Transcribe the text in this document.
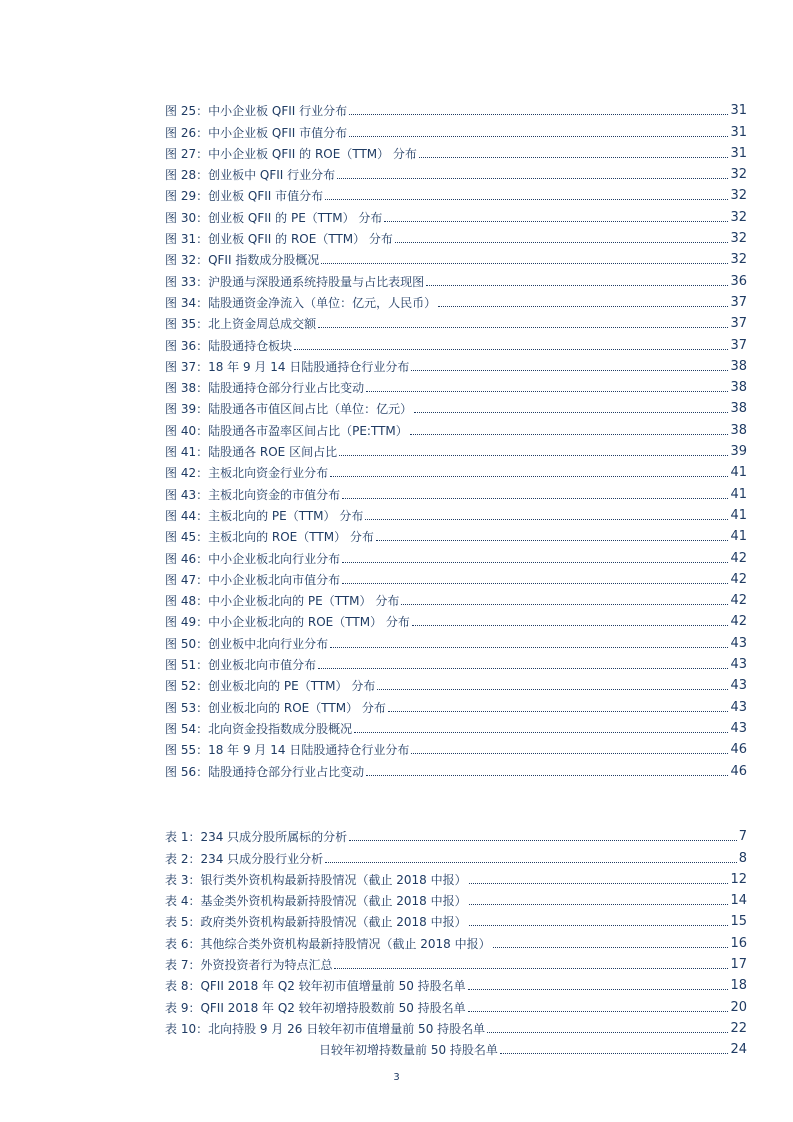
图 25：中小企业板 QFII 行业分布	31
图 26：中小企业板 QFII 市值分布	31
图 27：中小企业板 QFII 的 ROE（TTM） 分布	31
图 28：创业板中 QFII 行业分布	32
图 29：创业板 QFII 市值分布	32
图 30：创业板 QFII 的 PE（TTM） 分布	32
图 31：创业板 QFII 的 ROE（TTM） 分布	32
图 32：QFII 指数成分股概况	32
图 33：沪股通与深股通系统持股量与占比表现图	36
图 34：陆股通资金净流入（单位：亿元，人民币）	37
图 35：北上资金周总成交额	37
图 36：陆股通持仓板块	37
图 37：18 年 9 月 14 日陆股通持仓行业分布	38
图 38：陆股通持仓部分行业占比变动	38
图 39：陆股通各市值区间占比（单位：亿元）	38
图 40：陆股通各市盈率区间占比（PE:TTM）	38
图 41：陆股通各 ROE 区间占比	39
图 42：主板北向资金行业分布	41
图 43：主板北向资金的市值分布	41
图 44：主板北向的 PE（TTM） 分布	41
图 45：主板北向的 ROE（TTM） 分布	41
图 46：中小企业板北向行业分布	42
图 47：中小企业板北向市值分布	42
图 48：中小企业板北向的 PE（TTM） 分布	42
图 49：中小企业板北向的 ROE（TTM） 分布	42
图 50：创业板中北向行业分布	43
图 51：创业板北向市值分布	43
图 52：创业板北向的 PE（TTM） 分布	43
图 53：创业板北向的 ROE（TTM） 分布	43
图 54：北向资金投指数成分股概况	43
图 55：18 年 9 月 14 日陆股通持仓行业分布	46
图 56：陆股通持仓部分行业占比变动	46
表 1：234 只成分股所属标的分析	7
表 2：234 只成分股行业分析	8
表 3：银行类外资机构最新持股情况（截止 2018 中报）	12
表 4：基金类外资机构最新持股情况（截止 2018 中报）	14
表 5：政府类外资机构最新持股情况（截止 2018 中报）	15
表 6：其他综合类外资机构最新持股情况（截止 2018 中报）	16
表 7：外资投资者行为特点汇总	17
表 8：QFII 2018 年 Q2 较年初市值增量前 50 持股名单	18
表 9：QFII 2018 年 Q2 较年初增持股数前 50 持股名单	20
表 10：北向持股 9 月 26 日较年初市值增量前 50 持股名单	22
日较年初增持数量前 50 持股名单	24
3
